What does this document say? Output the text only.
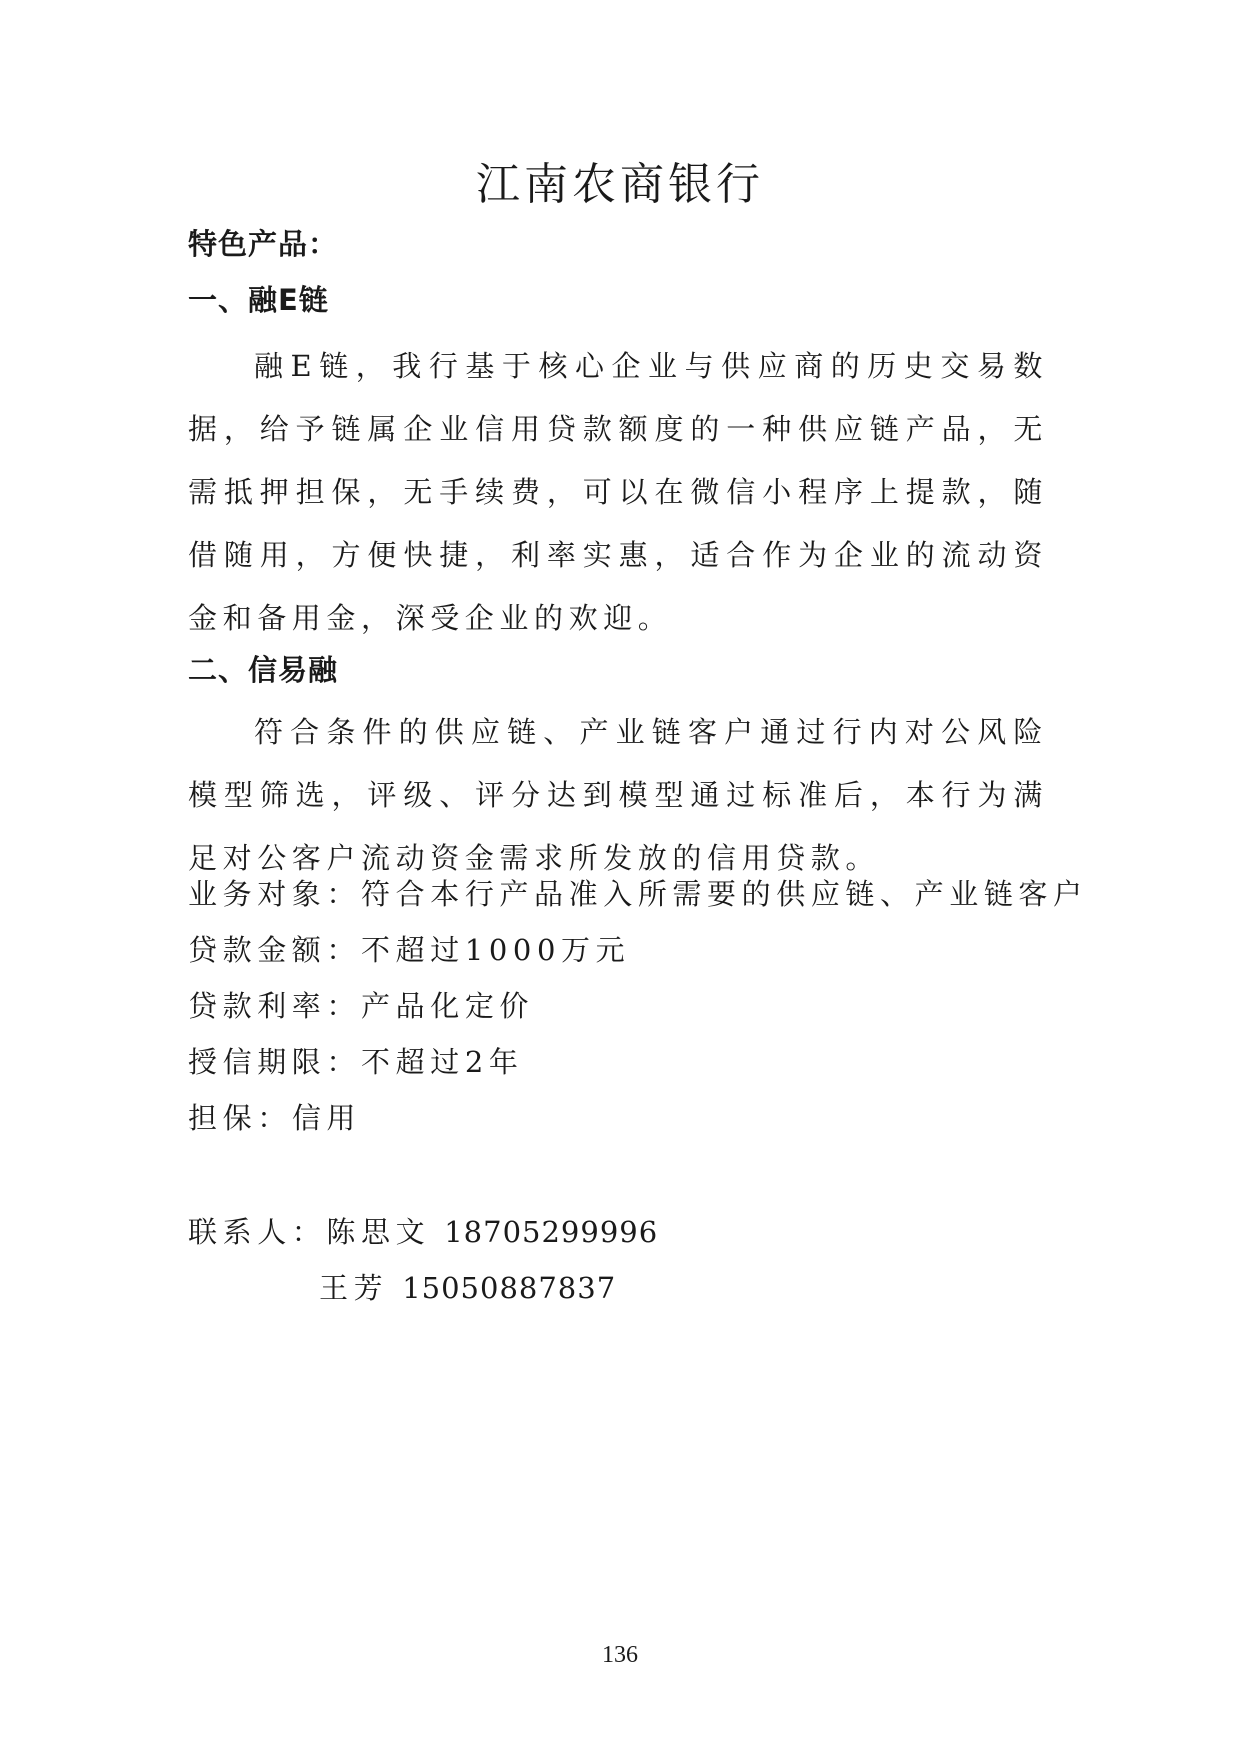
江南农商银行
特色产品：
一、融E链
融E链，我行基于核心企业与供应商的历史交易数据，给予链属企业信用贷款额度的一种供应链产品，无需抵押担保，无手续费，可以在微信小程序上提款，随借随用，方便快捷，利率实惠，适合作为企业的流动资金和备用金，深受企业的欢迎。
二、信易融
符合条件的供应链、产业链客户通过行内对公风险模型筛选，评级、评分达到模型通过标准后，本行为满足对公客户流动资金需求所发放的信用贷款。
业务对象：符合本行产品准入所需要的供应链、产业链客户
贷款金额：不超过1000万元
贷款利率：产品化定价
授信期限：不超过2年
担保：信用
联系人：陈思文 18705299996
王芳 15050887837
136
